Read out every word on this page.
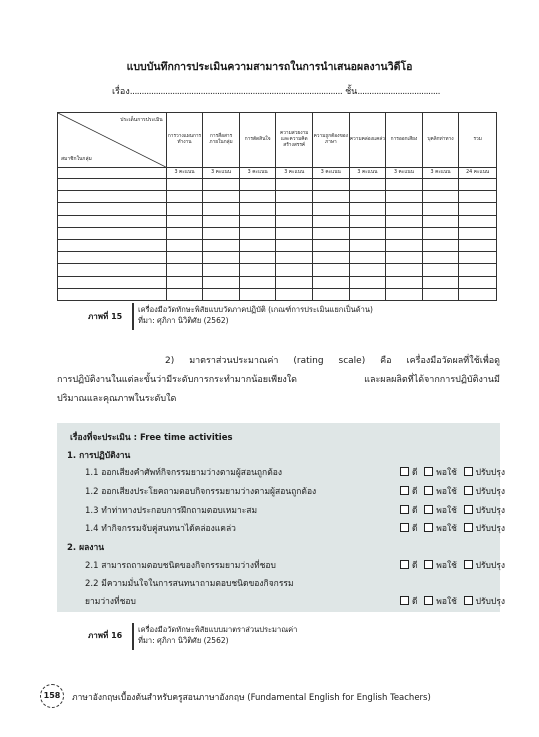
แบบบันทึกการประเมินความสามารถในการนำเสนอผลงานวิดีโอ
เรื่อง.......................................................................................... ชั้น...................................
ประเด็นการประเมิน
สมาชิกในกลุ่ม	การวางแผนการทำงาน	การสื่อสารภายในกลุ่ม	การตัดสินใจ	ความสวยงามและความคิดสร้างสรรค์	ความถูกต้องของภาษา	ความคล่องแคล่ว	การออกเสียง	บุคลิกท่าทาง	รวม
	3 คะแนน	3 คะแนน	3 คะแนน	3 คะแนน	3 คะแนน	3 คะแนน	3 คะแนน	3 คะแนน	24 คะแนน

ภาพที่ 15
เครื่องมือวัดทักษะพิสัยแบบวัดภาคปฏิบัติ (เกณฑ์การประเมินแยกเป็นด้าน)
ที่มา: ศุภิกา นิวิติศัย (2562)
2) มาตราส่วนประมาณค่า (rating scale) คือ เครื่องมือวัดผลที่ใช้เพื่อดู
การปฏิบัติงานในแต่ละขั้นว่ามีระดับการกระทำมากน้อยเพียงใด และผลผลิตที่ได้จากการปฏิบัติงานมี
ปริมาณและคุณภาพในระดับใด
เรื่องที่จะประเมิน : Free time activities
1. การปฏิบัติงาน
1.1 ออกเสียงคำศัพท์กิจกรรมยามว่างตามผู้สอนถูกต้อง	ดี พอใช้ ปรับปรุง
1.2 ออกเสียงประโยคถามตอบกิจกรรมยามว่างตามผู้สอนถูกต้อง	ดี พอใช้ ปรับปรุง
1.3 ทำท่าทางประกอบการฝึกถามตอบเหมาะสม	ดี พอใช้ ปรับปรุง
1.4 ทำกิจกรรมจับคู่สนทนาได้คล่องแคล่ว	ดี พอใช้ ปรับปรุง
2. ผลงาน
2.1 สามารถถามตอบชนิดของกิจกรรมยามว่างที่ชอบ	ดี พอใช้ ปรับปรุง
2.2 มีความมั่นใจในการสนทนาถามตอบชนิดของกิจกรรม
ยามว่างที่ชอบ	ดี พอใช้ ปรับปรุง
ภาพที่ 16
เครื่องมือวัดทักษะพิสัยแบบมาตราส่วนประมาณค่า
ที่มา: ศุภิกา นิวิติศัย (2562)
158	ภาษาอังกฤษเบื้องต้นสำหรับครูสอนภาษาอังกฤษ (Fundamental English for English Teachers)
